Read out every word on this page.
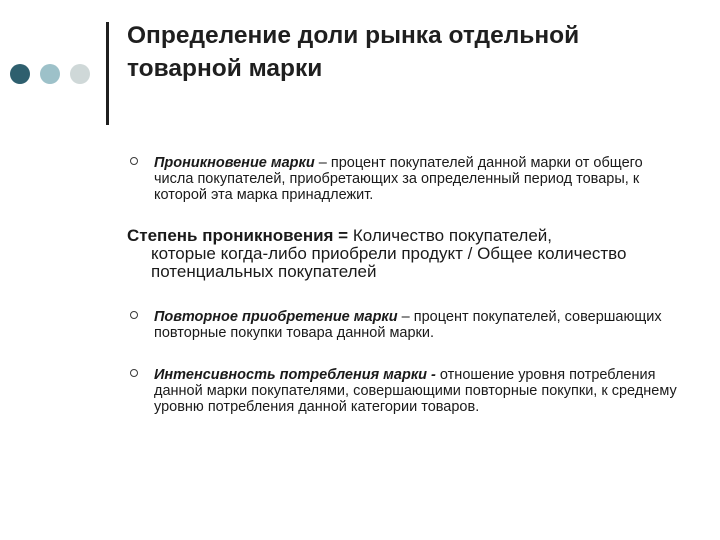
Определение доли рынка отдельной
товарной марки
Проникновение марки – процент покупателей данной марки от общего числа покупателей, приобретающих за определенный период товары, к которой эта марка принадлежит.
Степень проникновения = Количество покупателей,
которые когда-либо приобрели продукт / Общее количество потенциальных покупателей
Повторное приобретение марки – процент покупателей, совершающих повторные покупки товара данной марки.
Интенсивность потребления марки - отношение уровня потребления данной марки покупателями, совершающими повторные покупки, к среднему уровню потребления данной категории товаров.
